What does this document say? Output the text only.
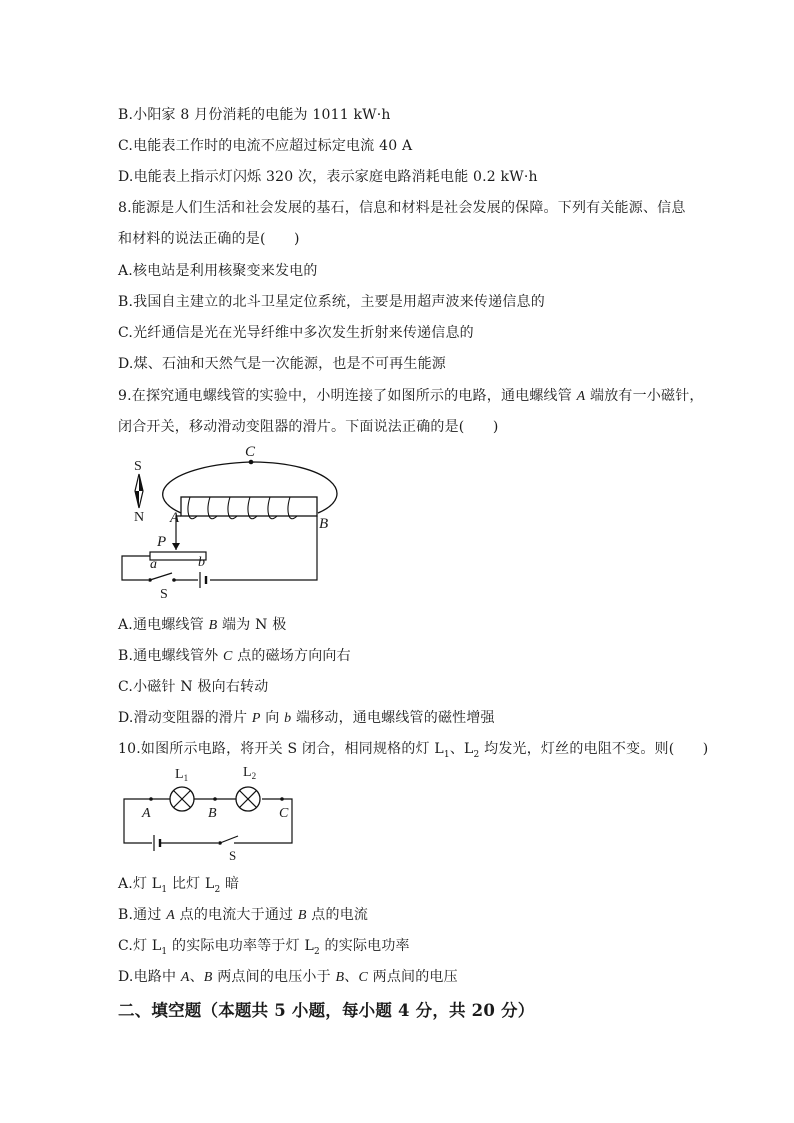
B.小阳家 8 月份消耗的电能为 1011 kW·h
C.电能表工作时的电流不应超过标定电流 40 A
D.电能表上指示灯闪烁 320 次，表示家庭电路消耗电能 0.2 kW·h
8.能源是人们生活和社会发展的基石，信息和材料是社会发展的保障。下列有关能源、信息
和材料的说法正确的是(　　)
A.核电站是利用核聚变来发电的
B.我国自主建立的北斗卫星定位系统，主要是用超声波来传递信息的
C.光纤通信是光在光导纤维中多次发生折射来传递信息的
D.煤、石油和天然气是一次能源，也是不可再生能源
9.在探究通电螺线管的实验中，小明连接了如图所示的电路，通电螺线管 A 端放有一小磁针，
闭合开关，移动滑动变阻器的滑片。下面说法正确的是(　　)
S
N
C
A	B
P
a	b
S
A.通电螺线管 B 端为 N 极
B.通电螺线管外 C 点的磁场方向向右
C.小磁针 N 极向右转动
D.滑动变阻器的滑片 P 向 b 端移动，通电螺线管的磁性增强
10.如图所示电路，将开关 S 闭合，相同规格的灯 $L_1$、$L_2$ 均发光，灯丝的电阻不变。则(　　)
$L_1$	$L_2$
A	B	C
S
A.灯 $L_1$ 比灯 $L_2$ 暗
B.通过 A 点的电流大于通过 B 点的电流
C.灯 $L_1$ 的实际电功率等于灯 $L_2$ 的实际电功率
D.电路中 A、B 两点间的电压小于 B、C 两点间的电压
二、填空题（本题共 5 小题，每小题 4 分，共 20 分）
